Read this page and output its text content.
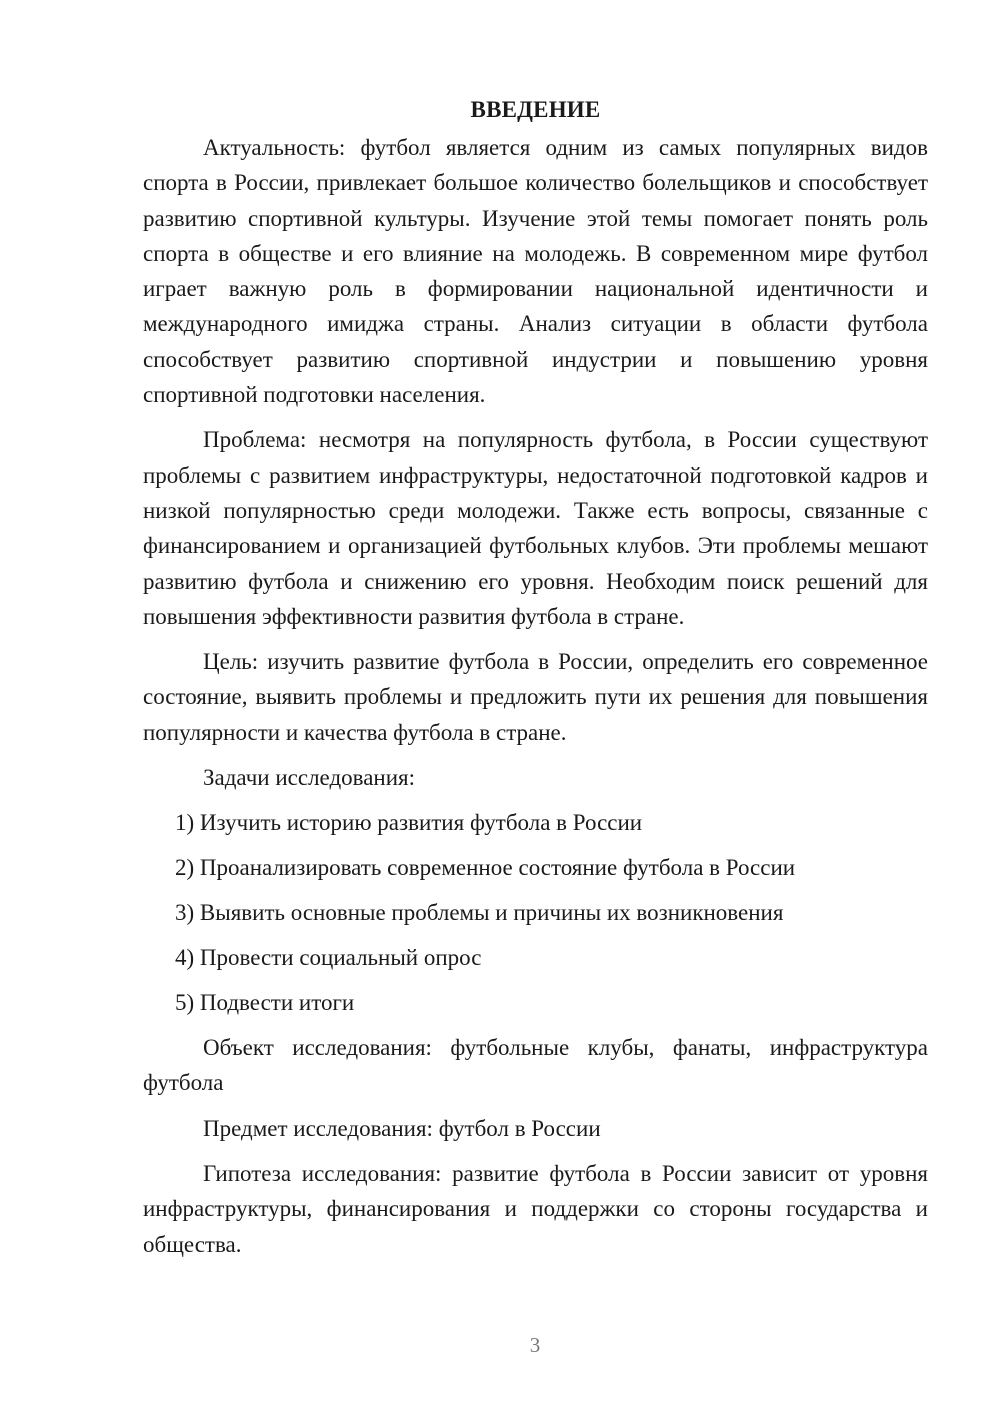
ВВЕДЕНИЕ

Актуальность: футбол является одним из самых популярных видов спорта в России, привлекает большое количество болельщиков и способствует развитию спортивной культуры. Изучение этой темы помогает понять роль спорта в обществе и его влияние на молодежь. В современном мире футбол играет важную роль в формировании национальной идентичности и международного имиджа страны. Анализ ситуации в области футбола способствует развитию спортивной индустрии и повышению уровня спортивной подготовки населения.

Проблема: несмотря на популярность футбола, в России существуют проблемы с развитием инфраструктуры, недостаточной подготовкой кадров и низкой популярностью среди молодежи. Также есть вопросы, связанные с финансированием и организацией футбольных клубов. Эти проблемы мешают развитию футбола и снижению его уровня. Необходим поиск решений для повышения эффективности развития футбола в стране.

Цель: изучить развитие футбола в России, определить его современное состояние, выявить проблемы и предложить пути их решения для повышения популярности и качества футбола в стране.

Задачи исследования:

1) Изучить историю развития футбола в России
2) Проанализировать современное состояние футбола в России
3) Выявить основные проблемы и причины их возникновения
4) Провести социальный опрос
5) Подвести итоги

Объект исследования: футбольные клубы, фанаты, инфраструктура футбола

Предмет исследования: футбол в России

Гипотеза исследования: развитие футбола в России зависит от уровня инфраструктуры, финансирования и поддержки со стороны государства и общества.

3
